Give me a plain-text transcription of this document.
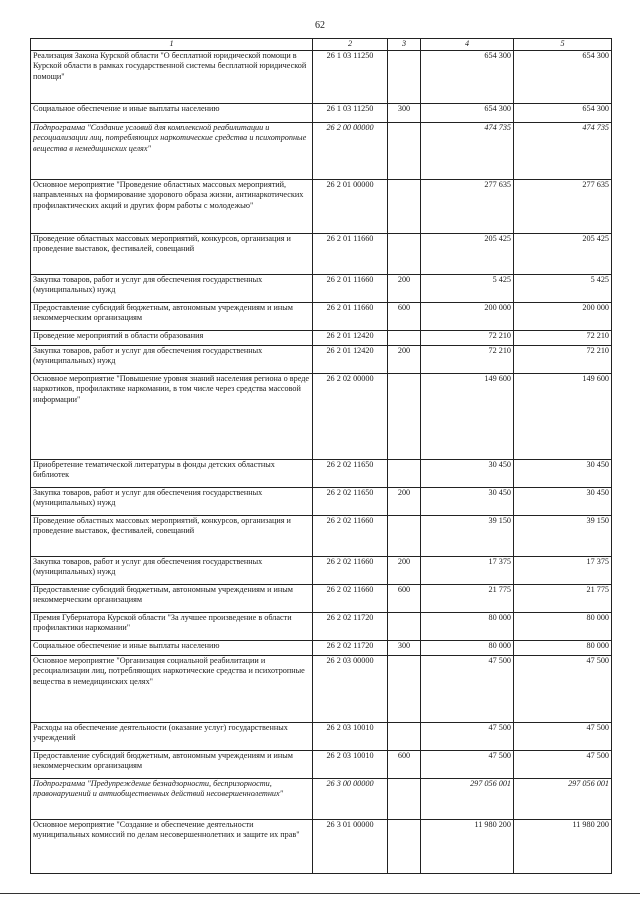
62
1	2	3	4	5
Реализация Закона Курской области "О бесплатной юридической помощи в Курской области в рамках государственной системы бесплатной юридической помощи"	26 1 03 11250		654 300	654 300
Социальное обеспечение и иные выплаты населению	26 1 03 11250	300	654 300	654 300
Подпрограмма "Создание условий для комплексной реабилитации и ресоциализации лиц, потребляющих наркотические средства и психотропные вещества в немедицинских целях"	26 2 00 00000		474 735	474 735
Основное мероприятие "Проведение областных массовых мероприятий, направленных на формирование здорового образа жизни, антинаркотических профилактических акций и других форм работы с молодежью"	26 2 01 00000		277 635	277 635
Проведение областных массовых мероприятий, конкурсов, организация и проведение выставок, фестивалей, совещаний	26 2 01 11660		205 425	205 425
Закупка товаров, работ и услуг для обеспечения государственных (муниципальных) нужд	26 2 01 11660	200	5 425	5 425
Предоставление субсидий бюджетным, автономным учреждениям и иным некоммерческим организациям	26 2 01 11660	600	200 000	200 000
Проведение мероприятий в области образования	26 2 01 12420		72 210	72 210
Закупка товаров, работ и услуг для обеспечения государственных (муниципальных) нужд	26 2 01 12420	200	72 210	72 210
Основное мероприятие "Повышение уровня знаний населения региона о вреде наркотиков, профилактике наркомании, в том числе через средства массовой информации"	26 2 02 00000		149 600	149 600
Приобретение тематической литературы в фонды детских областных библиотек	26 2 02 11650		30 450	30 450
Закупка товаров, работ и услуг для обеспечения государственных (муниципальных) нужд	26 2 02 11650	200	30 450	30 450
Проведение областных массовых мероприятий, конкурсов, организация и проведение выставок, фестивалей, совещаний	26 2 02 11660		39 150	39 150
Закупка товаров, работ и услуг для обеспечения государственных (муниципальных) нужд	26 2 02 11660	200	17 375	17 375
Предоставление субсидий бюджетным, автономным учреждениям и иным некоммерческим организациям	26 2 02 11660	600	21 775	21 775
Премия Губернатора Курской области "За лучшее произведение в области профилактики наркомании"	26 2 02 11720		80 000	80 000
Социальное обеспечение и иные выплаты населению	26 2 02 11720	300	80 000	80 000
Основное мероприятие "Организация социальной реабилитации и ресоциализации лиц, потребляющих наркотические средства и психотропные вещества в немедицинских целях"	26 2 03 00000		47 500	47 500
Расходы на обеспечение деятельности (оказание услуг) государственных учреждений	26 2 03 10010		47 500	47 500
Предоставление субсидий бюджетным, автономным учреждениям и иным некоммерческим организациям	26 2 03 10010	600	47 500	47 500
Подпрограмма "Предупреждение безнадзорности, беспризорности, правонарушений и антиобщественных действий несовершеннолетних"	26 3 00 00000		297 056 001	297 056 001
Основное мероприятие "Создание и обеспечение деятельности муниципальных комиссий по делам несовершеннолетних и защите их прав"	26 3 01 00000		11 980 200	11 980 200
